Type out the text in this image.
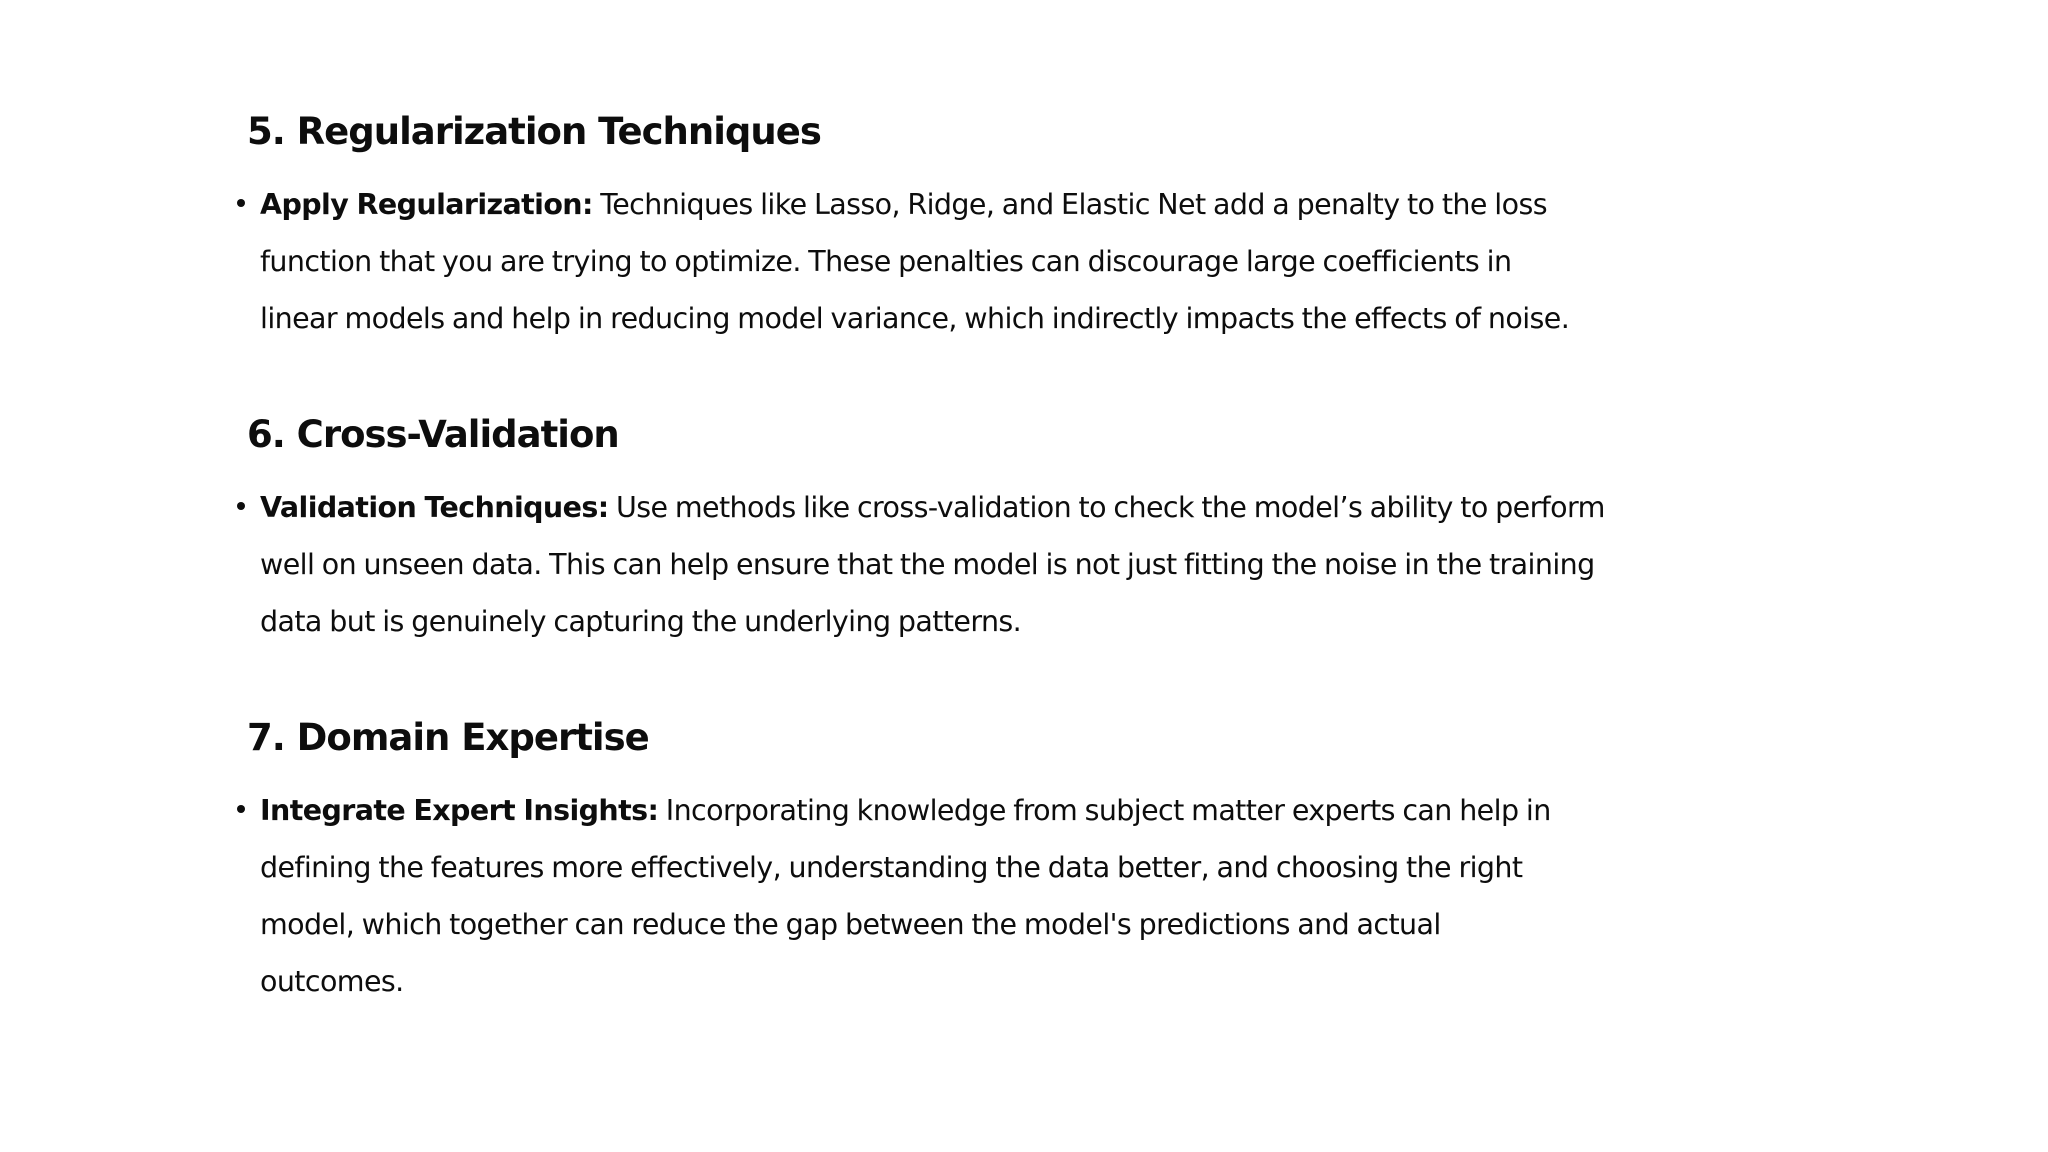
5. Regularization Techniques
Apply Regularization: Techniques like Lasso, Ridge, and Elastic Net add a penalty to the loss
function that you are trying to optimize. These penalties can discourage large coefficients in
linear models and help in reducing model variance, which indirectly impacts the effects of noise.
6. Cross-Validation
Validation Techniques: Use methods like cross-validation to check the model’s ability to perform
well on unseen data. This can help ensure that the model is not just fitting the noise in the training
data but is genuinely capturing the underlying patterns.
7. Domain Expertise
Integrate Expert Insights: Incorporating knowledge from subject matter experts can help in
defining the features more effectively, understanding the data better, and choosing the right
model, which together can reduce the gap between the model's predictions and actual
outcomes.
